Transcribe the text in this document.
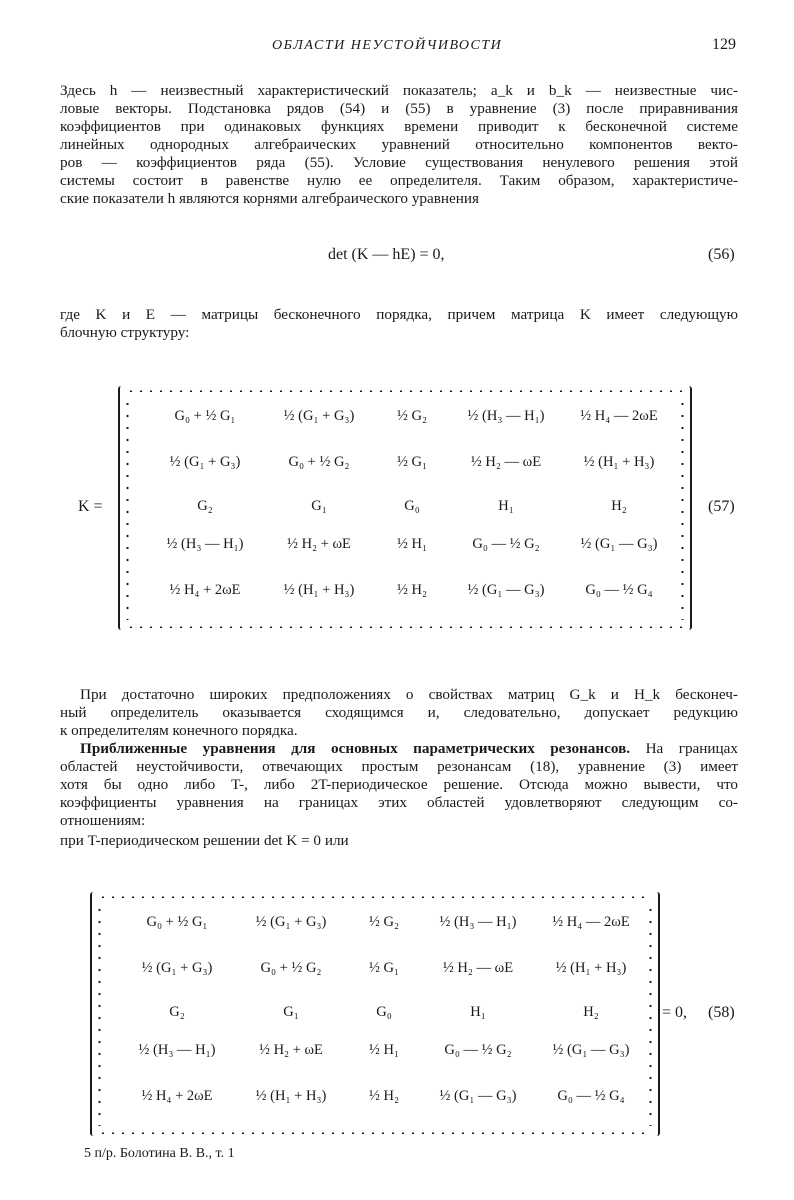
ОБЛАСТИ НЕУСТОЙЧИВОСТИ	129
Здесь h — неизвестный характеристический показатель; a_k и b_k — неизвестные чис-
ловые векторы. Подстановка рядов (54) и (55) в уравнение (3) после приравнивания
коэффициентов при одинаковых функциях времени приводит к бесконечной системе
линейных однородных алгебраических уравнений относительно компонентов векто-
ров — коэффициентов ряда (55). Условие существования ненулевого решения этой
системы состоит в равенстве нулю ее определителя. Таким образом, характеристиче-
ские показатели h являются корнями алгебраического уравнения
det (K — hE) = 0,	(56)
где K и E — матрицы бесконечного порядка, причем матрица K имеет следующую
блочную структуру:
K =
G₀ + ½ G₁	½ (G₁ + G₃)	½ G₂	½ (H₃ — H₁)	½ H₄ — 2ωE
½ (G₁ + G₃)	G₀ + ½ G₂	½ G₁	½ H₂ — ωE	½ (H₁ + H₃)
G₂	G₁	G₀	H₁	H₂
½ (H₃ — H₁)	½ H₂ + ωE	½ H₁	G₀ — ½ G₂	½ (G₁ — G₃)
½ H₄ + 2ωE	½ (H₁ + H₃)	½ H₂	½ (G₁ — G₃)	G₀ — ½ G₄
(57)
При достаточно широких предположениях о свойствах матриц G_k и H_k бесконеч-
ный определитель оказывается сходящимся и, следовательно, допускает редукцию
к определителям конечного порядка.
Приближенные уравнения для основных параметрических резонансов. На границах
областей неустойчивости, отвечающих простым резонансам (18), уравнение (3) имеет
хотя бы одно либо T-, либо 2T-периодическое решение. Отсюда можно вывести, что
коэффициенты уравнения на границах этих областей удовлетворяют следующим со-
отношениям:
при T-периодическом решении det K = 0 или
G₀ + ½ G₁	½ (G₁ + G₃)	½ G₂	½ (H₃ — H₁)	½ H₄ — 2ωE
½ (G₁ + G₃)	G₀ + ½ G₂	½ G₁	½ H₂ — ωE	½ (H₁ + H₃)
G₂	G₁	G₀	H₁	H₂
½ (H₃ — H₁)	½ H₂ + ωE	½ H₁	G₀ — ½ G₂	½ (G₁ — G₃)
½ H₄ + 2ωE	½ (H₁ + H₃)	½ H₂	½ (G₁ — G₃)	G₀ — ½ G₄
= 0, (58)
5 п/р. Болотина В. В., т. 1
